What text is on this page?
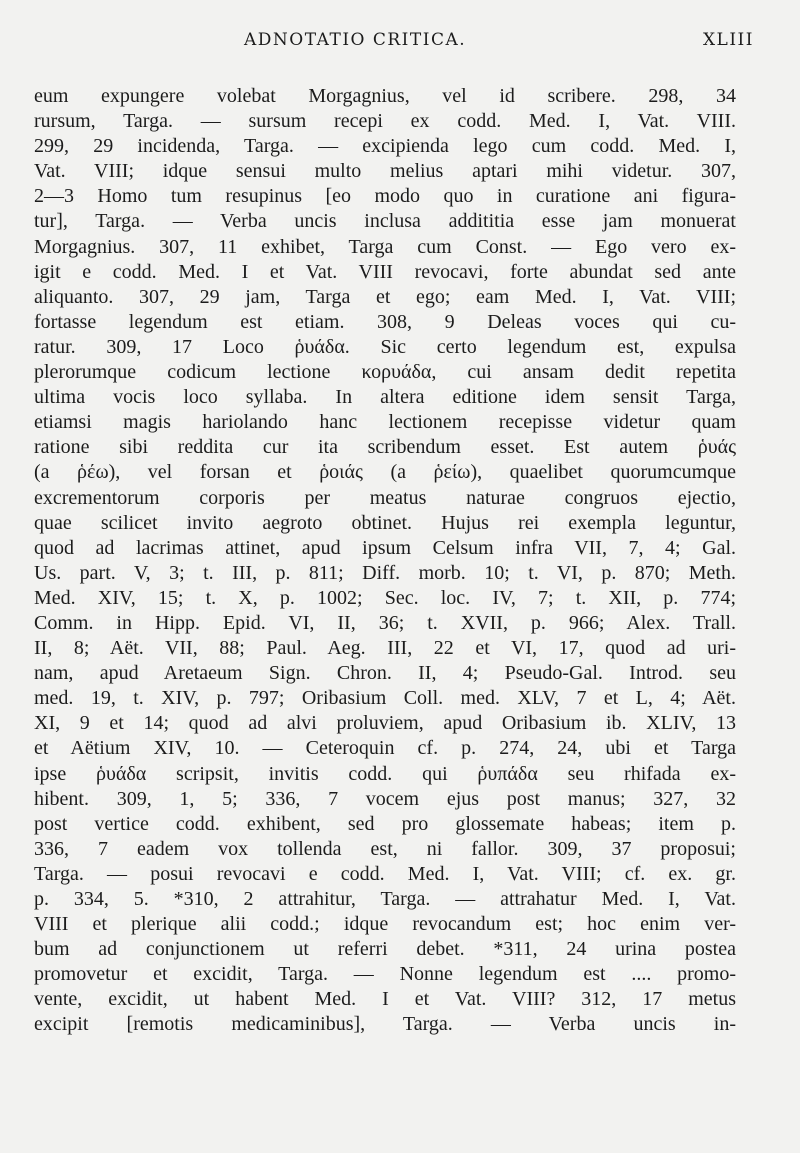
ADNOTATIO CRITICA.	XLIII
eum expungere volebat Morgagnius, vel id scribere. 298, 34
rursum, Targa. — sursum recepi ex codd. Med. I, Vat. VIII.
299, 29 incidenda, Targa. — excipienda lego cum codd. Med. I,
Vat. VIII; idque sensui multo melius aptari mihi videtur. 307,
2—3 Homo tum resupinus [eo modo quo in curatione ani figura-
tur], Targa. — Verba uncis inclusa addititia esse jam monuerat
Morgagnius. 307, 11 exhibet, Targa cum Const. — Ego vero ex-
igit e codd. Med. I et Vat. VIII revocavi, forte abundat sed ante
aliquanto. 307, 29 jam, Targa et ego; eam Med. I, Vat. VIII;
fortasse legendum est etiam. 308, 9 Deleas voces qui cu-
ratur. 309, 17 Loco ῥυάδα. Sic certo legendum est, expulsa
plerorumque codicum lectione κορυάδα, cui ansam dedit repetita
ultima vocis loco syllaba. In altera editione idem sensit Targa,
etiamsi magis hariolando hanc lectionem recepisse videtur quam
ratione sibi reddita cur ita scribendum esset. Est autem ῥυάς
(a ῥέω), vel forsan et ῥοιάς (a ῥείω), quaelibet quorumcumque
excrementorum corporis per meatus naturae congruos ejectio,
quae scilicet invito aegroto obtinet. Hujus rei exempla leguntur,
quod ad lacrimas attinet, apud ipsum Celsum infra VII, 7, 4; Gal.
Us. part. V, 3; t. III, p. 811; Diff. morb. 10; t. VI, p. 870; Meth.
Med. XIV, 15; t. X, p. 1002; Sec. loc. IV, 7; t. XII, p. 774;
Comm. in Hipp. Epid. VI, II, 36; t. XVII, p. 966; Alex. Trall.
II, 8; Aët. VII, 88; Paul. Aeg. III, 22 et VI, 17, quod ad uri-
nam, apud Aretaeum Sign. Chron. II, 4; Pseudo-Gal. Introd. seu
med. 19, t. XIV, p. 797; Oribasium Coll. med. XLV, 7 et L, 4; Aët.
XI, 9 et 14; quod ad alvi proluviem, apud Oribasium ib. XLIV, 13
et Aëtium XIV, 10. — Ceteroquin cf. p. 274, 24, ubi et Targa
ipse ῥυάδα scripsit, invitis codd. qui ῥυπάδα seu rhifada ex-
hibent. 309, 1, 5; 336, 7 vocem ejus post manus; 327, 32
post vertice codd. exhibent, sed pro glossemate habeas; item p.
336, 7 eadem vox tollenda est, ni fallor. 309, 37 proposui;
Targa. — posui revocavi e codd. Med. I, Vat. VIII; cf. ex. gr.
p. 334, 5. *310, 2 attrahitur, Targa. — attrahatur Med. I, Vat.
VIII et plerique alii codd.; idque revocandum est; hoc enim ver-
bum ad conjunctionem ut referri debet. *311, 24 urina postea
promovetur et excidit, Targa. — Nonne legendum est .... promo-
vente, excidit, ut habent Med. I et Vat. VIII? 312, 17 metus
excipit [remotis medicaminibus], Targa. — Verba uncis in-
